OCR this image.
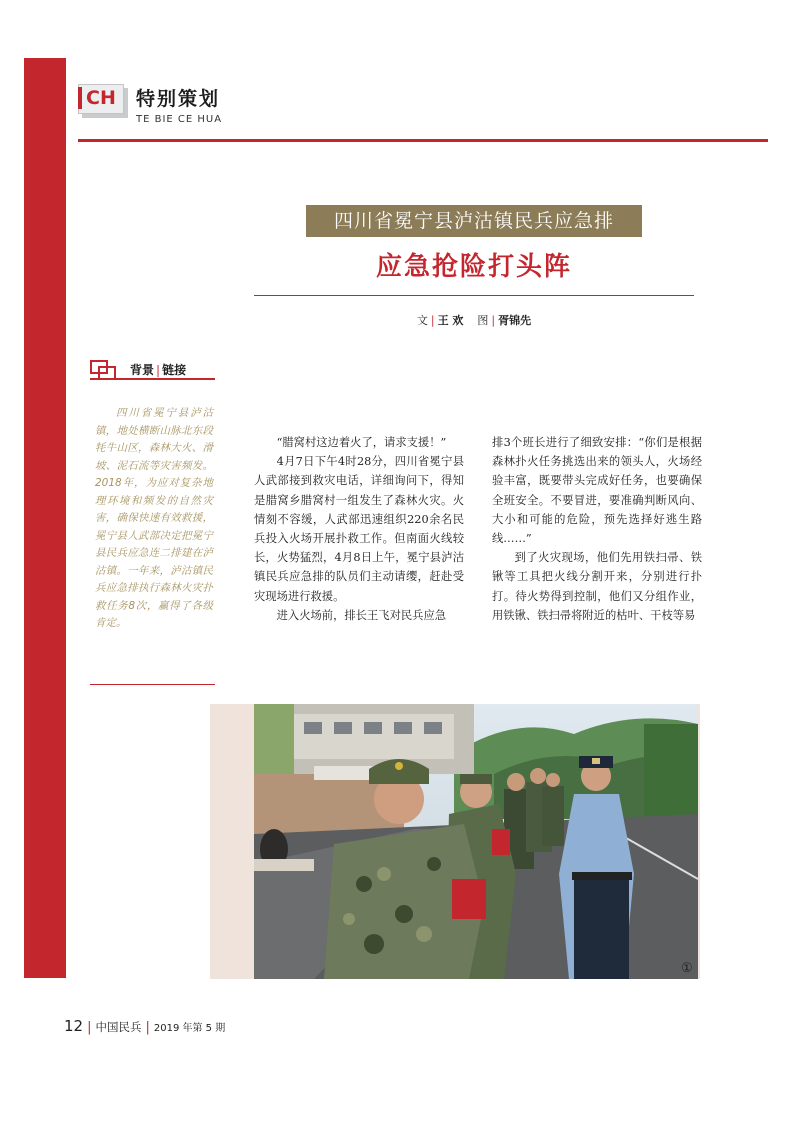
CH 特别策划
TE BIE CE HUA
四川省冕宁县泸沽镇民兵应急排
应急抢险打头阵
文 | 王 欢 图 | 胥锦先
背景 | 链接
四川省冕宁县泸沽镇，地处横断山脉北东段牦牛山区，森林大火、滑坡、泥石流等灾害频发。2018年，为应对复杂地理环境和频发的自然灾害，确保快速有效救援，冕宁县人武部决定把冕宁县民兵应急连二排建在泸沽镇。一年来，泸沽镇民兵应急排执行森林火灾扑救任务8次，赢得了各级肯定。

“腊窝村这边着火了，请求支援！”

4月7日下午4时28分，四川省冕宁县人武部接到救灾电话，详细询问下，得知是腊窝乡腊窝村一组发生了森林火灾。火情刻不容缓，人武部迅速组织220余名民兵投入火场开展扑救工作。但南面火线较长，火势猛烈，4月8日上午，冕宁县泸沽镇民兵应急排的队员们主动请缨，赶赴受灾现场进行救援。

进入火场前，排长王飞对民兵应急

排3个班长进行了细致安排：“你们是根据森林扑火任务挑选出来的领头人，火场经验丰富，既要带头完成好任务，也要确保全班安全。不要冒进，要准确判断风向、大小和可能的危险，预先选择好逃生路线……”

到了火灾现场，他们先用铁扫帚、铁锹等工具把火线分割开来，分别进行扑打。待火势得到控制，他们又分组作业，用铁锹、铁扫帚将附近的枯叶、干枝等易

①
12 | 中国民兵 | 2019 年第 5 期
